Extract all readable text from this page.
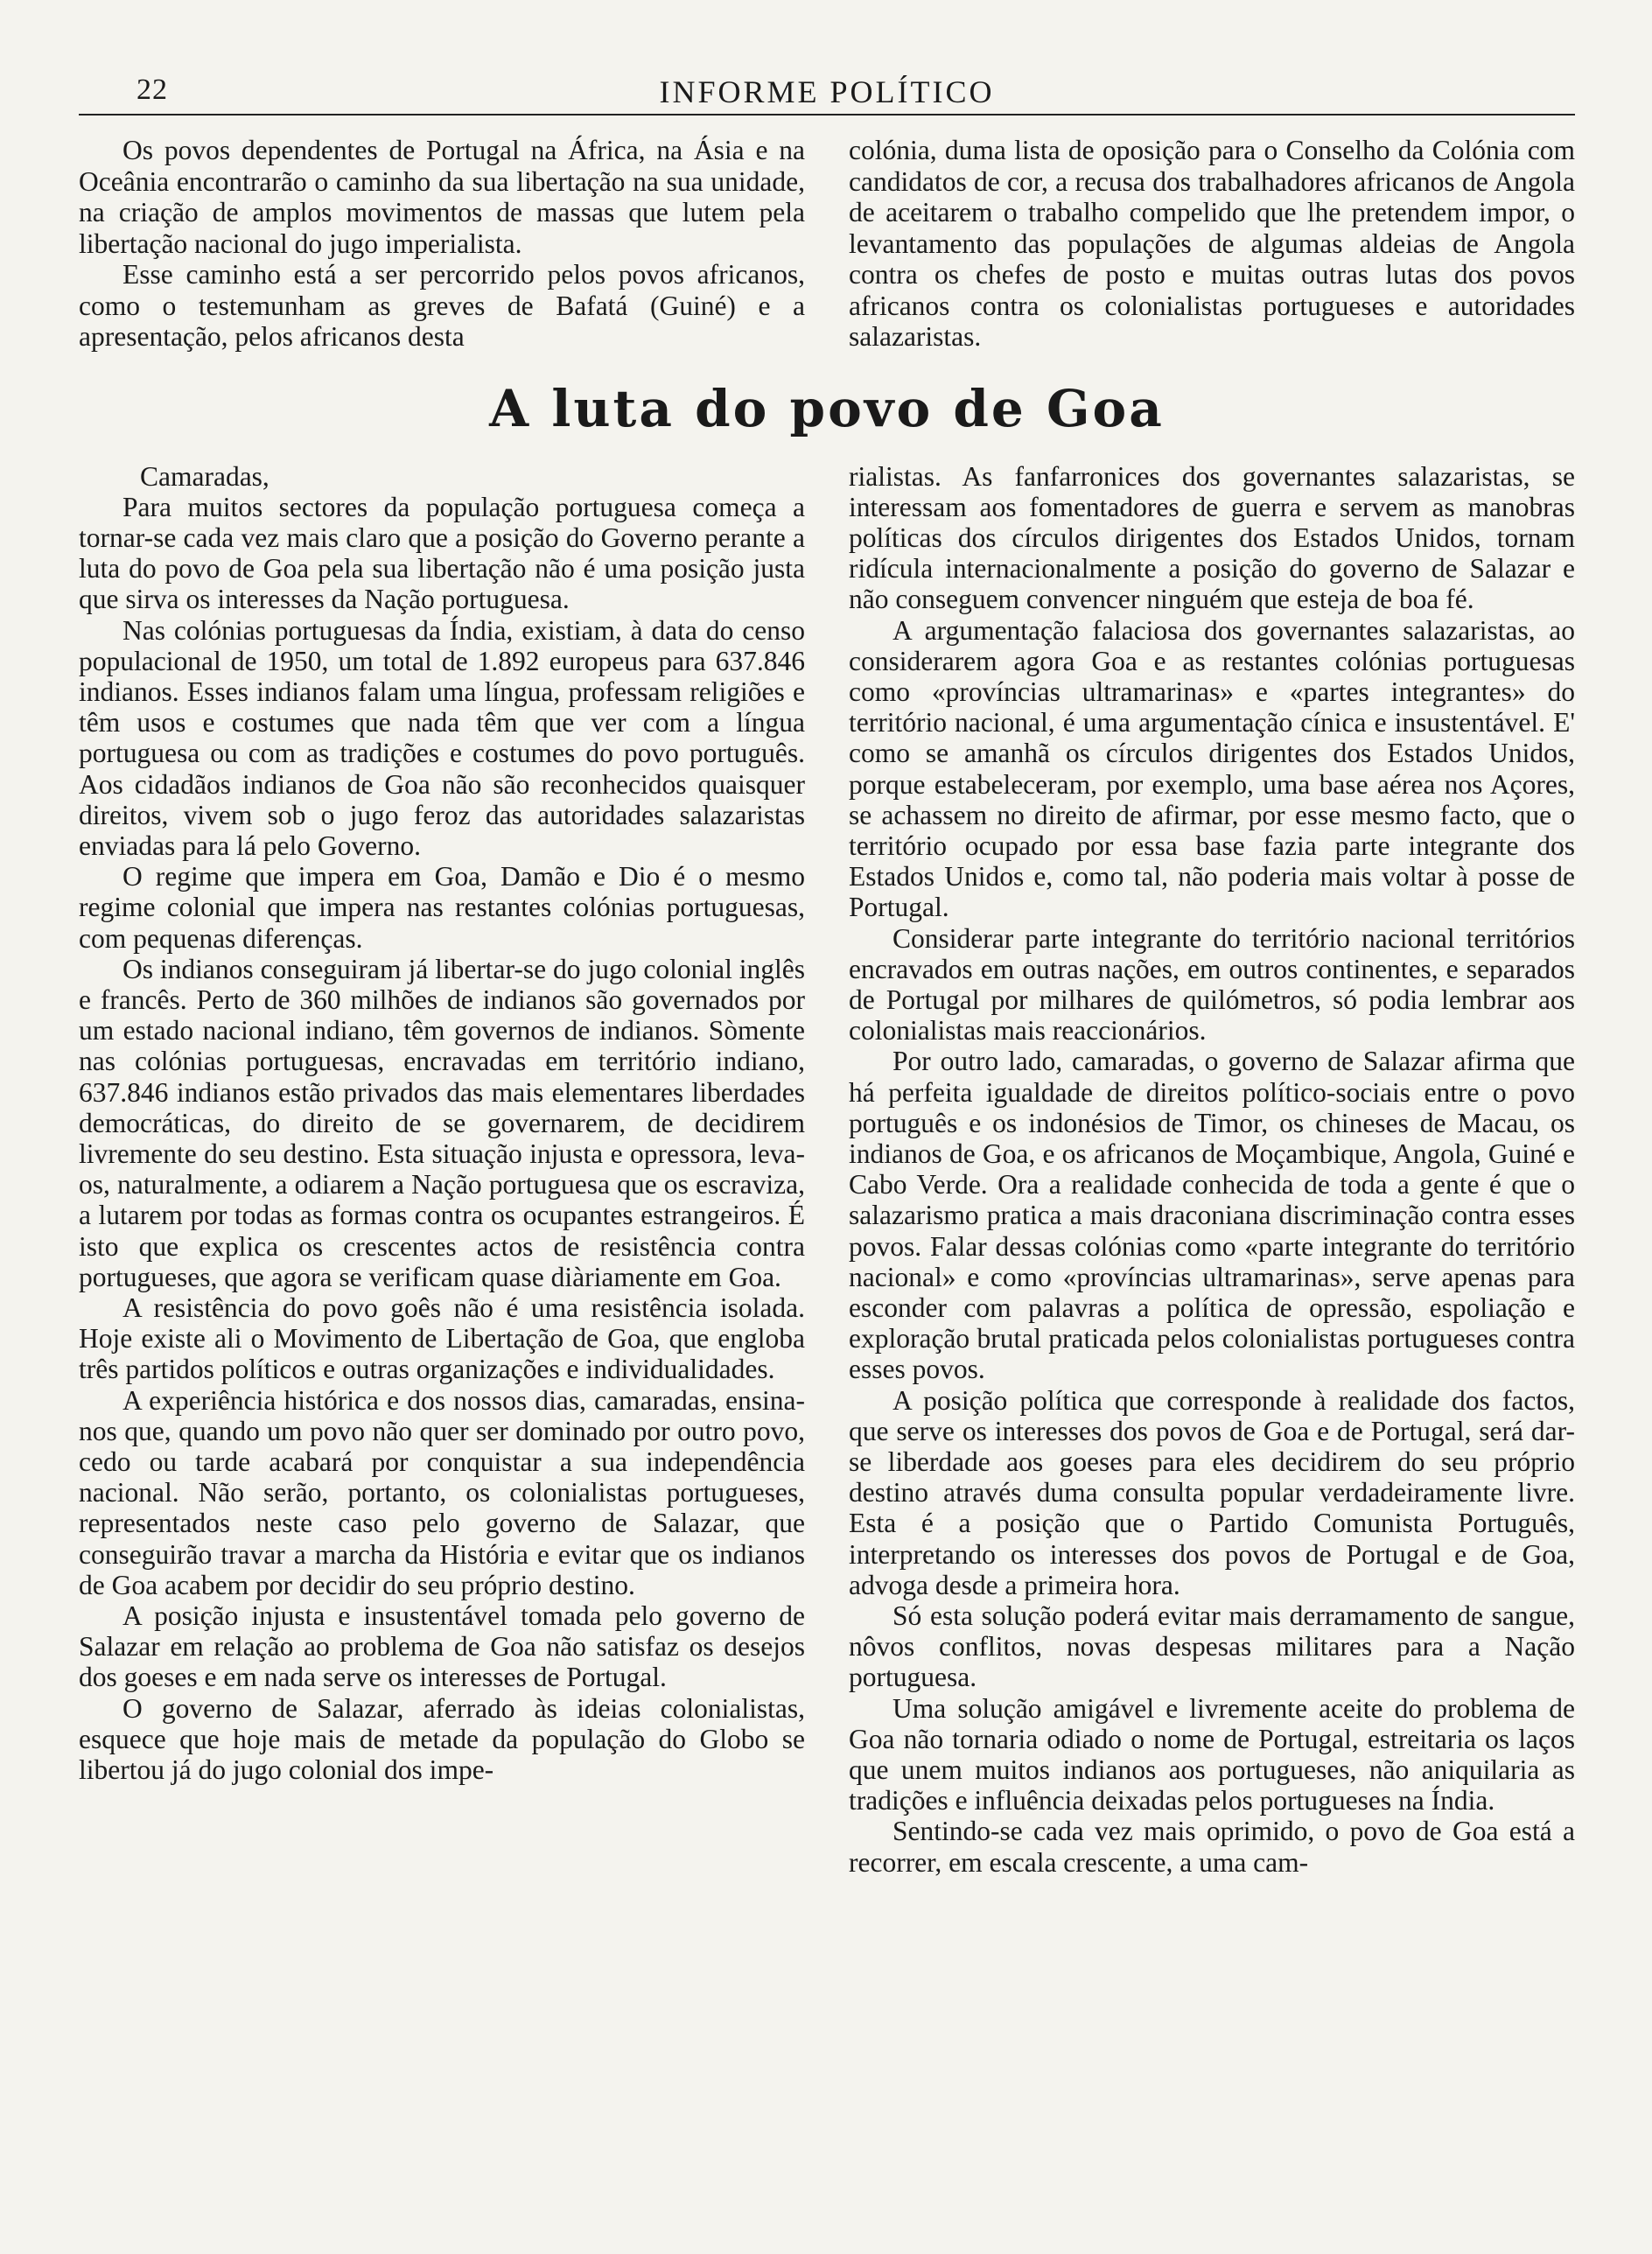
22	INFORME POLÍTICO

Os povos dependentes de Portugal na África, na Ásia e na Oceânia encontrarão o caminho da sua libertação na sua unidade, na criação de amplos movimentos de massas que lutem pela libertação nacional do jugo imperialista.

Esse caminho está a ser percorrido pelos povos africanos, como o testemunham as greves de Bafatá (Guiné) e a apresentação, pelos africanos desta

colónia, duma lista de oposição para o Conselho da Colónia com candidatos de cor, a recusa dos trabalhadores africanos de Angola de aceitarem o trabalho compelido que lhe pretendem impor, o levantamento das populações de algumas aldeias de Angola contra os chefes de posto e muitas outras lutas dos povos africanos contra os colonialistas portugueses e autoridades salazaristas.

A luta do povo de Goa

Camaradas,

Para muitos sectores da população portuguesa começa a tornar-se cada vez mais claro que a posição do Governo perante a luta do povo de Goa pela sua libertação não é uma posição justa que sirva os interesses da Nação portuguesa.

Nas colónias portuguesas da Índia, existiam, à data do censo populacional de 1950, um total de 1.892 europeus para 637.846 indianos. Esses indianos falam uma língua, professam religiões e têm usos e costumes que nada têm que ver com a língua portuguesa ou com as tradições e costumes do povo português. Aos cidadãos indianos de Goa não são reconhecidos quaisquer direitos, vivem sob o jugo feroz das autoridades salazaristas enviadas para lá pelo Governo.

O regime que impera em Goa, Damão e Dio é o mesmo regime colonial que impera nas restantes colónias portuguesas, com pequenas diferenças.

Os indianos conseguiram já libertar-se do jugo colonial inglês e francês. Perto de 360 milhões de indianos são governados por um estado nacional indiano, têm governos de indianos. Sòmente nas colónias portuguesas, encravadas em território indiano, 637.846 indianos estão privados das mais elementares liberdades democráticas, do direito de se governarem, de decidirem livremente do seu destino. Esta situação injusta e opressora, leva-os, naturalmente, a odiarem a Nação portuguesa que os escraviza, a lutarem por todas as formas contra os ocupantes estrangeiros. É isto que explica os crescentes actos de resistência contra portugueses, que agora se verificam quase diàriamente em Goa.

A resistência do povo goês não é uma resistência isolada. Hoje existe ali o Movimento de Libertação de Goa, que engloba três partidos políticos e outras organizações e individualidades.

A experiência histórica e dos nossos dias, camaradas, ensina-nos que, quando um povo não quer ser dominado por outro povo, cedo ou tarde acabará por conquistar a sua independência nacional. Não serão, portanto, os colonialistas portugueses, representados neste caso pelo governo de Salazar, que conseguirão travar a marcha da História e evitar que os indianos de Goa acabem por decidir do seu próprio destino.

A posição injusta e insustentável tomada pelo governo de Salazar em relação ao problema de Goa não satisfaz os desejos dos goeses e em nada serve os interesses de Portugal.

O governo de Salazar, aferrado às ideias colonialistas, esquece que hoje mais de metade da população do Globo se libertou já do jugo colonial dos impe-

rialistas. As fanfarronices dos governantes salazaristas, se interessam aos fomentadores de guerra e servem as manobras políticas dos círculos dirigentes dos Estados Unidos, tornam ridícula internacionalmente a posição do governo de Salazar e não conseguem convencer ninguém que esteja de boa fé.

A argumentação falaciosa dos governantes salazaristas, ao considerarem agora Goa e as restantes colónias portuguesas como «províncias ultramarinas» e «partes integrantes» do território nacional, é uma argumentação cínica e insustentável. E' como se amanhã os círculos dirigentes dos Estados Unidos, porque estabeleceram, por exemplo, uma base aérea nos Açores, se achassem no direito de afirmar, por esse mesmo facto, que o território ocupado por essa base fazia parte integrante dos Estados Unidos e, como tal, não poderia mais voltar à posse de Portugal.

Considerar parte integrante do território nacional territórios encravados em outras nações, em outros continentes, e separados de Portugal por milhares de quilómetros, só podia lembrar aos colonialistas mais reaccionários.

Por outro lado, camaradas, o governo de Salazar afirma que há perfeita igualdade de direitos político-sociais entre o povo português e os indonésios de Timor, os chineses de Macau, os indianos de Goa, e os africanos de Moçambique, Angola, Guiné e Cabo Verde. Ora a realidade conhecida de toda a gente é que o salazarismo pratica a mais draconiana discriminação contra esses povos. Falar dessas colónias como «parte integrante do território nacional» e como «províncias ultramarinas», serve apenas para esconder com palavras a política de opressão, espoliação e exploração brutal praticada pelos colonialistas portugueses contra esses povos.

A posição política que corresponde à realidade dos factos, que serve os interesses dos povos de Goa e de Portugal, será dar-se liberdade aos goeses para eles decidirem do seu próprio destino através duma consulta popular verdadeiramente livre. Esta é a posição que o Partido Comunista Português, interpretando os interesses dos povos de Portugal e de Goa, advoga desde a primeira hora.

Só esta solução poderá evitar mais derramamento de sangue, nôvos conflitos, novas despesas militares para a Nação portuguesa.

Uma solução amigável e livremente aceite do problema de Goa não tornaria odiado o nome de Portugal, estreitaria os laços que unem muitos indianos aos portugueses, não aniquilaria as tradições e influência deixadas pelos portugueses na Índia.

Sentindo-se cada vez mais oprimido, o povo de Goa está a recorrer, em escala crescente, a uma cam-
